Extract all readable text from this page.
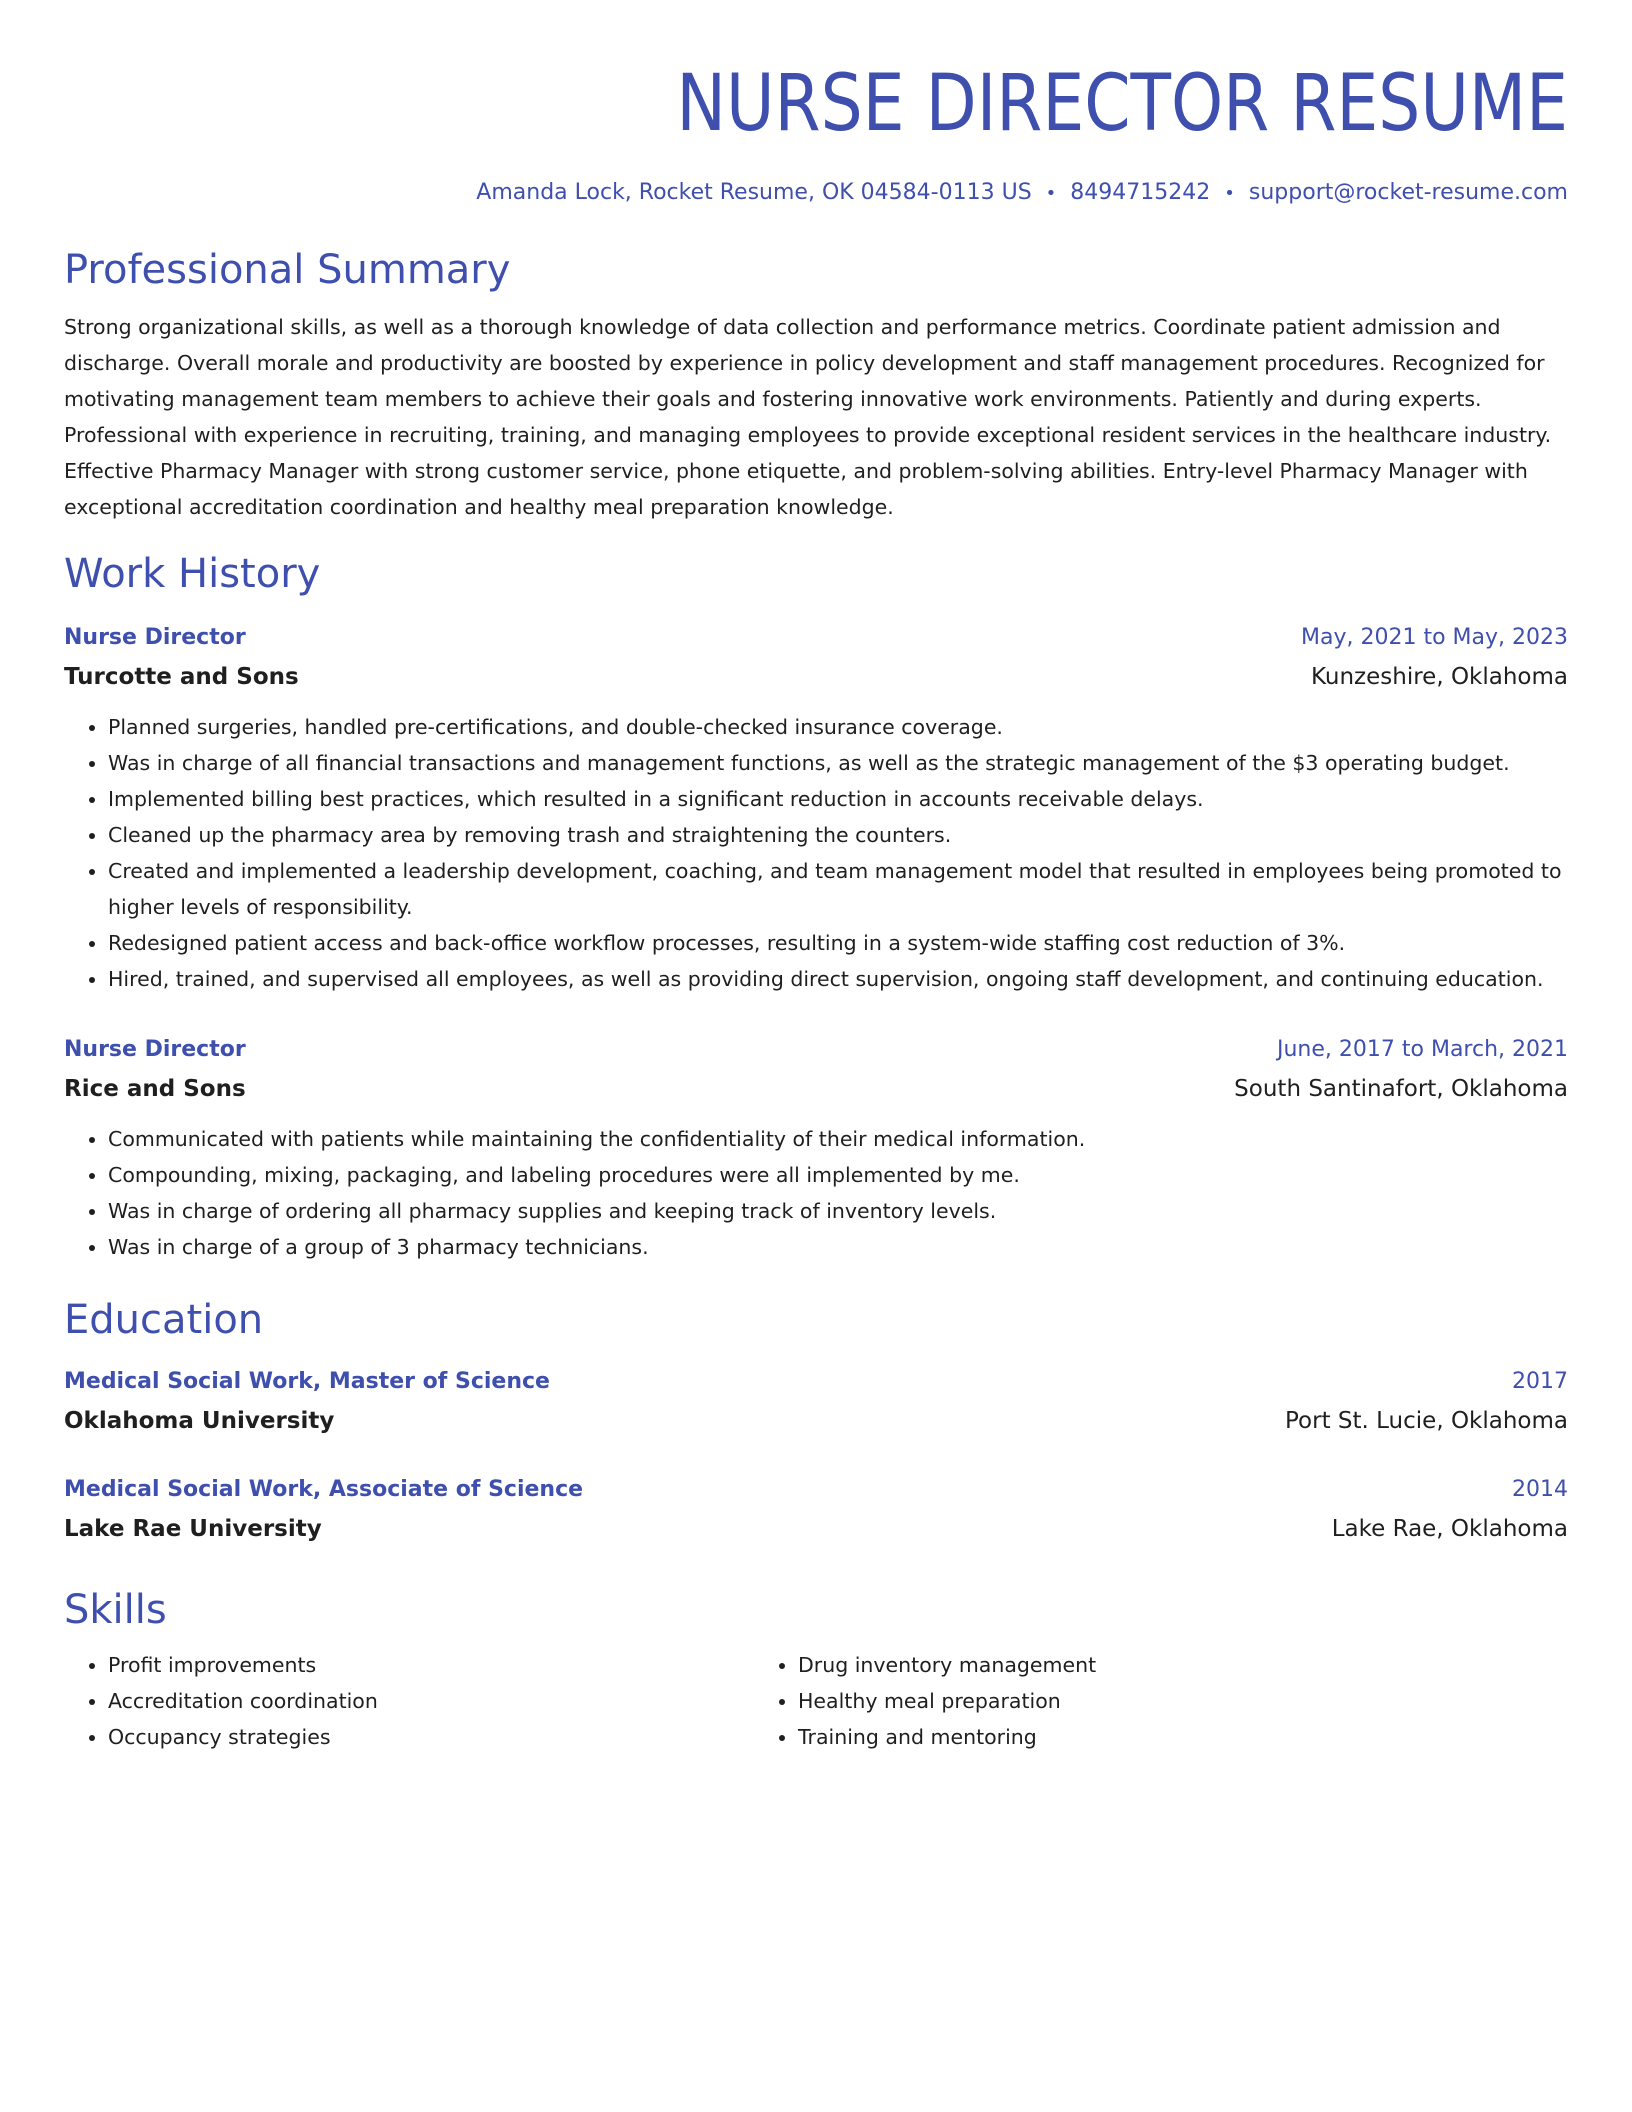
NURSE DIRECTOR RESUME
Amanda Lock, Rocket Resume, OK 04584-0113 US • 8494715242 • support@rocket-resume.com
Professional Summary
Strong organizational skills, as well as a thorough knowledge of data collection and performance metrics. Coordinate patient admission and discharge. Overall morale and productivity are boosted by experience in policy development and staff management procedures. Recognized for motivating management team members to achieve their goals and fostering innovative work environments. Patiently and during experts. Professional with experience in recruiting, training, and managing employees to provide exceptional resident services in the healthcare industry. Effective Pharmacy Manager with strong customer service, phone etiquette, and problem-solving abilities. Entry-level Pharmacy Manager with exceptional accreditation coordination and healthy meal preparation knowledge.
Work History
Nurse Director	May, 2021 to May, 2023
Turcotte and Sons	Kunzeshire, Oklahoma
• Planned surgeries, handled pre-certifications, and double-checked insurance coverage.
• Was in charge of all financial transactions and management functions, as well as the strategic management of the $3 operating budget.
• Implemented billing best practices, which resulted in a significant reduction in accounts receivable delays.
• Cleaned up the pharmacy area by removing trash and straightening the counters.
• Created and implemented a leadership development, coaching, and team management model that resulted in employees being promoted to higher levels of responsibility.
• Redesigned patient access and back-office workflow processes, resulting in a system-wide staffing cost reduction of 3%.
• Hired, trained, and supervised all employees, as well as providing direct supervision, ongoing staff development, and continuing education.
Nurse Director	June, 2017 to March, 2021
Rice and Sons	South Santinafort, Oklahoma
• Communicated with patients while maintaining the confidentiality of their medical information.
• Compounding, mixing, packaging, and labeling procedures were all implemented by me.
• Was in charge of ordering all pharmacy supplies and keeping track of inventory levels.
• Was in charge of a group of 3 pharmacy technicians.
Education
Medical Social Work, Master of Science	2017
Oklahoma University	Port St. Lucie, Oklahoma
Medical Social Work, Associate of Science	2014
Lake Rae University	Lake Rae, Oklahoma
Skills
• Profit improvements
• Accreditation coordination
• Occupancy strategies
• Drug inventory management
• Healthy meal preparation
• Training and mentoring
